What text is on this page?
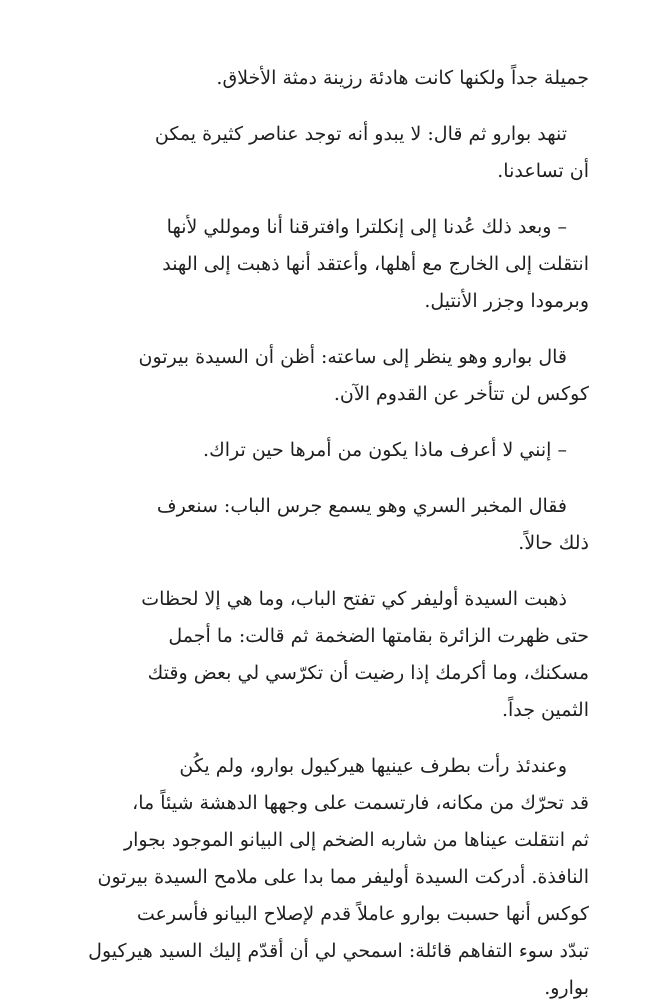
جميلة جداً ولكنها كانت هادئة رزينة دمثة الأخلاق.
تنهد بوارو ثم قال: لا يبدو أنه توجد عناصر كثيرة يمكن
أن تساعدنا.
– وبعد ذلك عُدنا إلى إنكلترا وافترقنا أنا وموللي لأنها
انتقلت إلى الخارج مع أهلها، وأعتقد أنها ذهبت إلى الهند
وبرمودا وجزر الأنتيل.
قال بوارو وهو ينظر إلى ساعته: أظن أن السيدة بيرتون
كوكس لن تتأخر عن القدوم الآن.
– إنني لا أعرف ماذا يكون من أمرها حين تراك.
فقال المخبر السري وهو يسمع جرس الباب: سنعرف
ذلك حالاً.
ذهبت السيدة أوليفر كي تفتح الباب، وما هي إلا لحظات
حتى ظهرت الزائرة بقامتها الضخمة ثم قالت: ما أجمل
مسكنك، وما أكرمك إذا رضيت أن تكرّسي لي بعض وقتك
الثمين جداً.
وعندئذ رأت بطرف عينيها هيركيول بوارو، ولم يكُن
قد تحرّك من مكانه، فارتسمت على وجهها الدهشة شيئاً ما،
ثم انتقلت عيناها من شاربه الضخم إلى البيانو الموجود بجوار
النافذة. أدركت السيدة أوليفر مما بدا على ملامح السيدة بيرتون
كوكس أنها حسبت بوارو عاملاً قدم لإصلاح البيانو فأسرعت
تبدّد سوء التفاهم قائلة: اسمحي لي أن أقدّم إليك السيد هيركيول
بوارو.
